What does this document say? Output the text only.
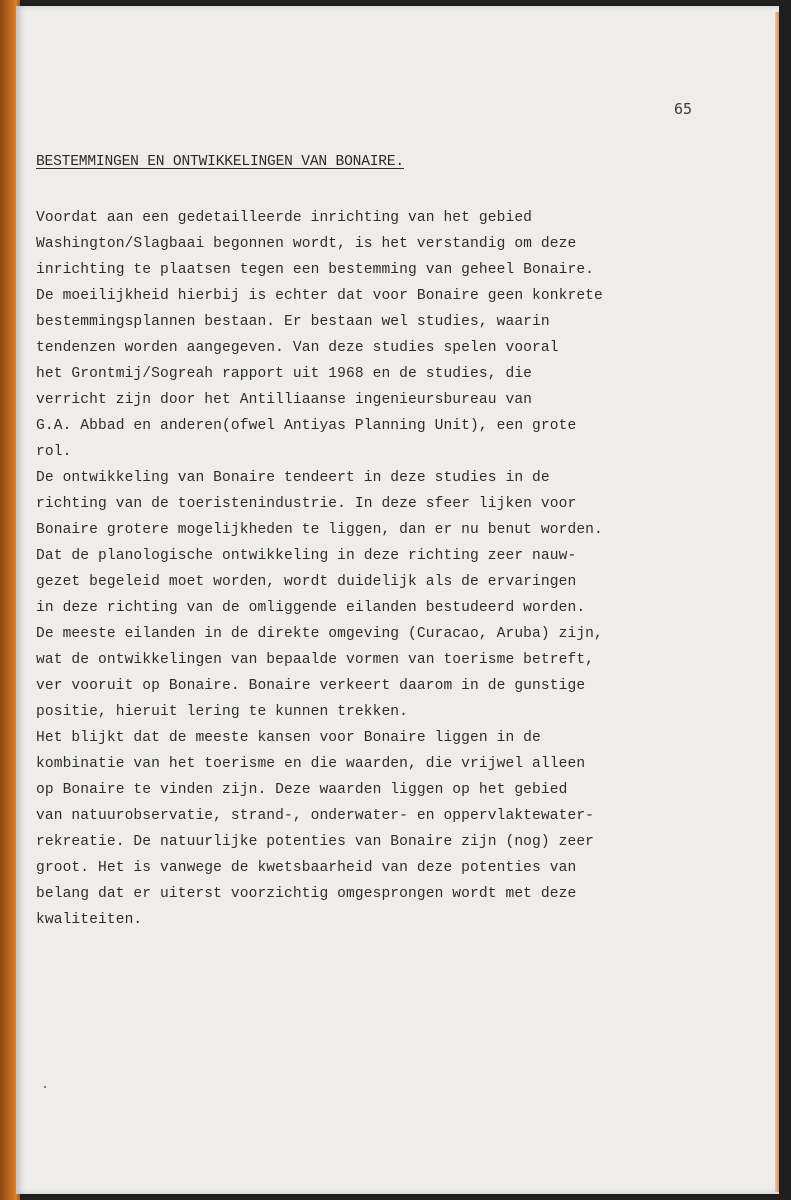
65
BESTEMMINGEN EN ONTWIKKELINGEN VAN BONAIRE.
Voordat aan een gedetailleerde inrichting van het gebied
Washington/Slagbaai begonnen wordt, is het verstandig om deze
inrichting te plaatsen tegen een bestemming van geheel Bonaire.
De moeilijkheid hierbij is echter dat voor Bonaire geen konkrete
bestemmingsplannen bestaan. Er bestaan wel studies, waarin
tendenzen worden aangegeven. Van deze studies spelen vooral
het Grontmij/Sogreah rapport uit 1968 en de studies, die
verricht zijn door het Antilliaanse ingenieursbureau van
G.A. Abbad en anderen(ofwel Antiyas Planning Unit), een grote
rol.
De ontwikkeling van Bonaire tendeert in deze studies in de
richting van de toeristenindustrie. In deze sfeer lijken voor
Bonaire grotere mogelijkheden te liggen, dan er nu benut worden.
Dat de planologische ontwikkeling in deze richting zeer nauw-
gezet begeleid moet worden, wordt duidelijk als de ervaringen
in deze richting van de omliggende eilanden bestudeerd worden.
De meeste eilanden in de direkte omgeving (Curacao, Aruba) zijn,
wat de ontwikkelingen van bepaalde vormen van toerisme betreft,
ver vooruit op Bonaire. Bonaire verkeert daarom in de gunstige
positie, hieruit lering te kunnen trekken.
Het blijkt dat de meeste kansen voor Bonaire liggen in de
kombinatie van het toerisme en die waarden, die vrijwel alleen
op Bonaire te vinden zijn. Deze waarden liggen op het gebied
van natuurobservatie, strand-, onderwater- en oppervlaktewater-
rekreatie. De natuurlijke potenties van Bonaire zijn (nog) zeer
groot. Het is vanwege de kwetsbaarheid van deze potenties van
belang dat er uiterst voorzichtig omgesprongen wordt met deze
kwaliteiten.
